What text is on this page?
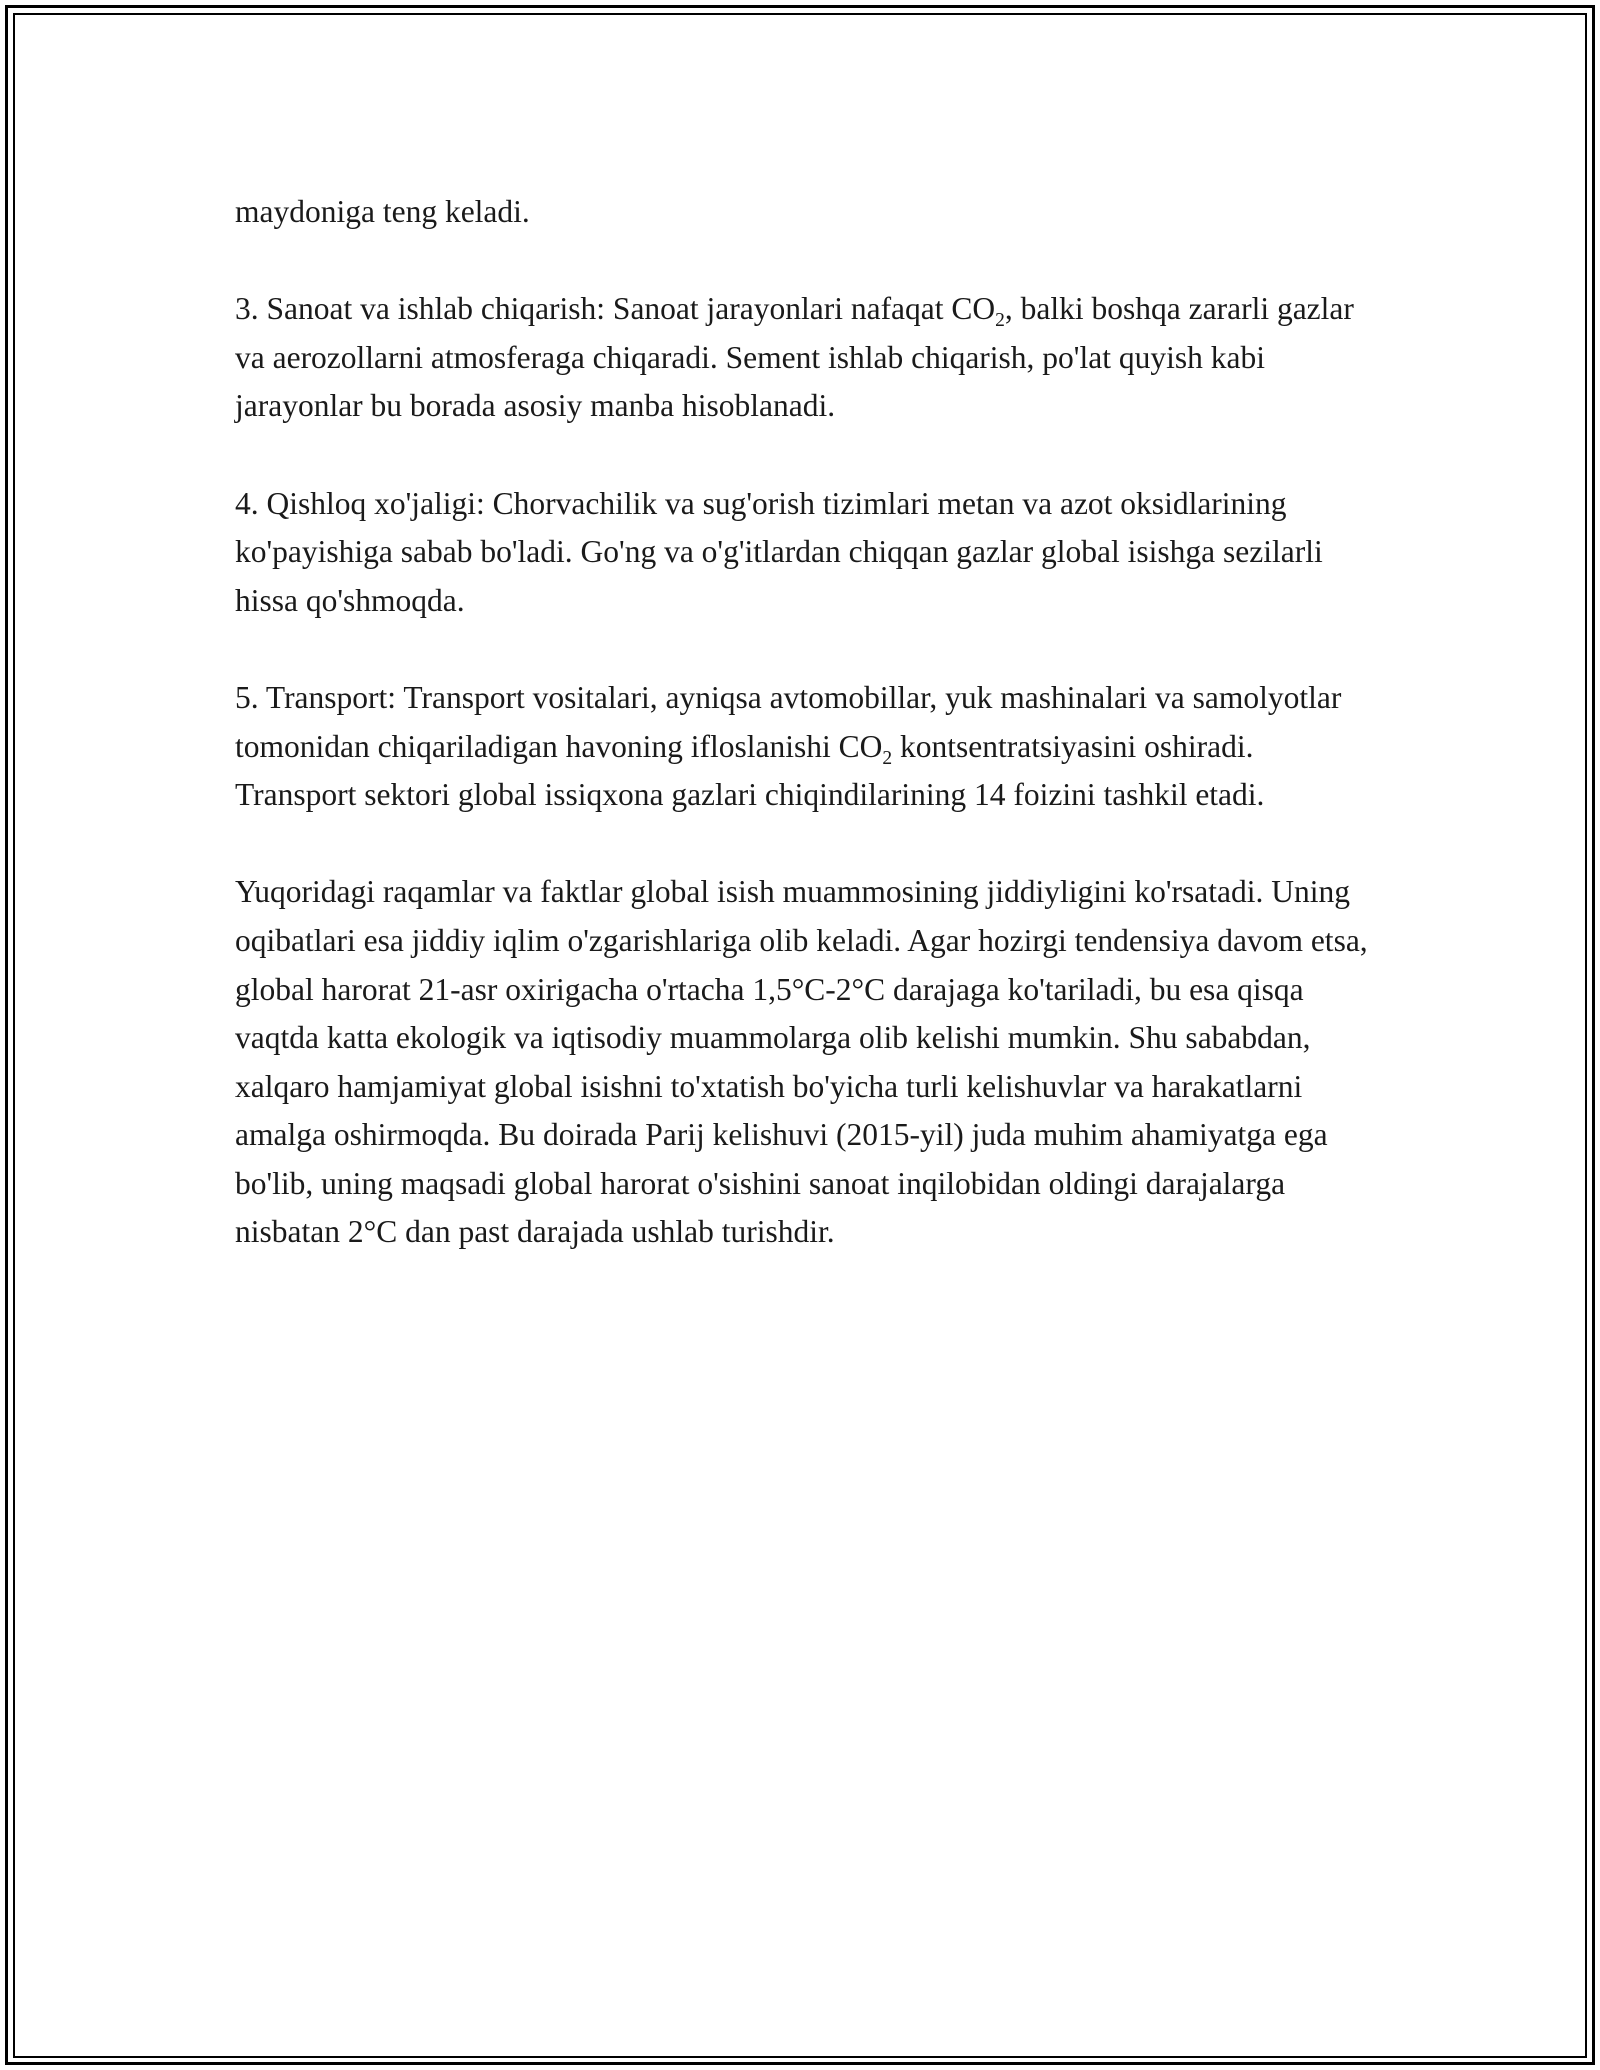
maydoniga teng keladi.

3. Sanoat va ishlab chiqarish: Sanoat jarayonlari nafaqat $CO_2$, balki boshqa zararli gazlar va aerozollarni atmosferaga chiqaradi. Sement ishlab chiqarish, po'lat quyish kabi jarayonlar bu borada asosiy manba hisoblanadi.

4. Qishloq xo'jaligi: Chorvachilik va sug'orish tizimlari metan va azot oksidlarining ko'payishiga sabab bo'ladi. Go'ng va o'g'itlardan chiqqan gazlar global isishga sezilarli hissa qo'shmoqda.

5. Transport: Transport vositalari, ayniqsa avtomobillar, yuk mashinalari va samolyotlar tomonidan chiqariladigan havoning ifloslanishi $CO_2$ kontsentratsiyasini oshiradi. Transport sektori global issiqxona gazlari chiqindilarining 14 foizini tashkil etadi.

Yuqoridagi raqamlar va faktlar global isish muammosining jiddiyligini ko'rsatadi. Uning oqibatlari esa jiddiy iqlim o'zgarishlariga olib keladi. Agar hozirgi tendensiya davom etsa, global harorat 21-asr oxirigacha o'rtacha 1,5°C-2°C darajaga ko'tariladi, bu esa qisqa vaqtda katta ekologik va iqtisodiy muammolarga olib kelishi mumkin. Shu sababdan, xalqaro hamjamiyat global isishni to'xtatish bo'yicha turli kelishuvlar va harakatlarni amalga oshirmoqda. Bu doirada Parij kelishuvi (2015-yil) juda muhim ahamiyatga ega bo'lib, uning maqsadi global harorat o'sishini sanoat inqilobidan oldingi darajalarga nisbatan 2°C dan past darajada ushlab turishdir.
